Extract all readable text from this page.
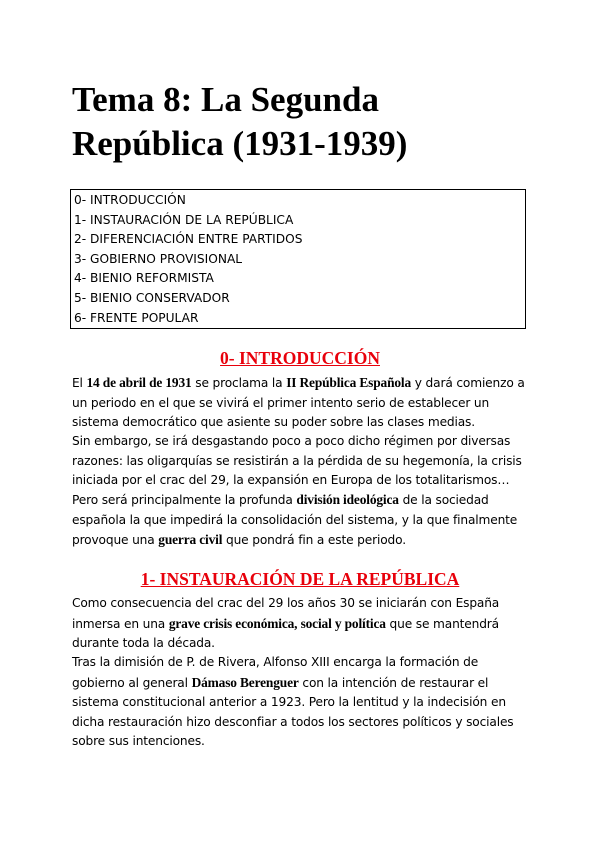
Tema 8: La Segunda
República (1931-1939)
0- INTRODUCCIÓN
1- INSTAURACIÓN DE LA REPÚBLICA
2- DIFERENCIACIÓN ENTRE PARTIDOS
3- GOBIERNO PROVISIONAL
4- BIENIO REFORMISTA
5- BIENIO CONSERVADOR
6- FRENTE POPULAR
0- INTRODUCCIÓN

El 14 de abril de 1931 se proclama la II República Española y dará comienzo a un periodo en el que se vivirá el primer intento serio de establecer un sistema democrático que asiente su poder sobre las clases medias.

Sin embargo, se irá desgastando poco a poco dicho régimen por diversas razones: las oligarquías se resistirán a la pérdida de su hegemonía, la crisis iniciada por el crac del 29, la expansión en Europa de los totalitarismos…

Pero será principalmente la profunda división ideológica de la sociedad española la que impedirá la consolidación del sistema, y la que finalmente provoque una guerra civil que pondrá fin a este periodo.

1- INSTAURACIÓN DE LA REPÚBLICA

Como consecuencia del crac del 29 los años 30 se iniciarán con España inmersa en una grave crisis económica, social y política que se mantendrá durante toda la década.

Tras la dimisión de P. de Rivera, Alfonso XIII encarga la formación de gobierno al general Dámaso Berenguer con la intención de restaurar el sistema constitucional anterior a 1923. Pero la lentitud y la indecisión en dicha restauración hizo desconfiar a todos los sectores políticos y sociales sobre sus intenciones.
